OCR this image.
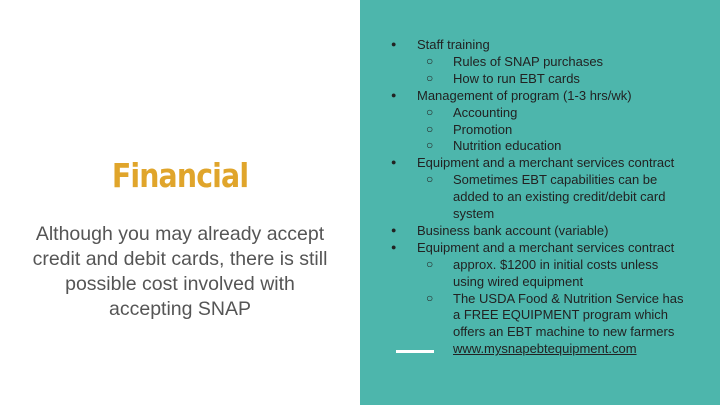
Financial
Although you may already accept credit and debit cards, there is still possible cost involved with accepting SNAP
● Staff training
○ Rules of SNAP purchases
○ How to run EBT cards
● Management of program (1-3 hrs/wk)
○ Accounting
○ Promotion
○ Nutrition education
● Equipment and a merchant services contract
○ Sometimes EBT capabilities can be
added to an existing credit/debit card
system
● Business bank account (variable)
● Equipment and a merchant services contract
○ approx. $1200 in initial costs unless
using wired equipment
○ The USDA Food & Nutrition Service has
a FREE EQUIPMENT program which
offers an EBT machine to new farmers
www.mysnapebtequipment.com
